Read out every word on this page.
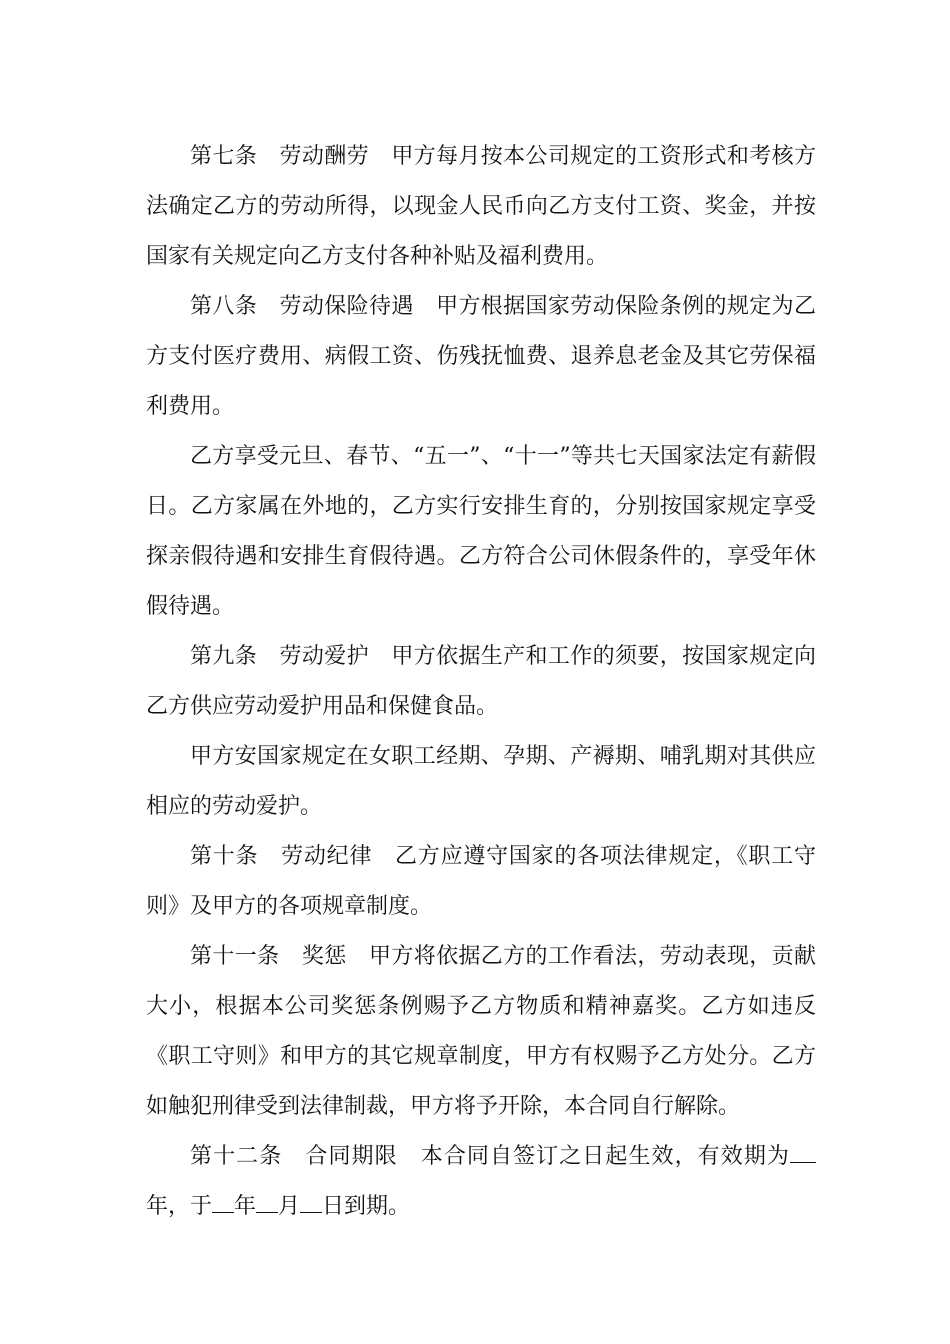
第七条 劳动酬劳 甲方每月按本公司规定的工资形式和考核方法确定乙方的劳动所得，以现金人民币向乙方支付工资、奖金，并按国家有关规定向乙方支付各种补贴及福利费用。

第八条 劳动保险待遇 甲方根据国家劳动保险条例的规定为乙方支付医疗费用、病假工资、伤残抚恤费、退养息老金及其它劳保福利费用。

乙方享受元旦、春节、“五一”、“十一”等共七天国家法定有薪假日。乙方家属在外地的，乙方实行安排生育的，分别按国家规定享受探亲假待遇和安排生育假待遇。乙方符合公司休假条件的，享受年休假待遇。

第九条 劳动爱护 甲方依据生产和工作的须要，按国家规定向乙方供应劳动爱护用品和保健食品。

甲方安国家规定在女职工经期、孕期、产褥期、哺乳期对其供应相应的劳动爱护。

第十条 劳动纪律 乙方应遵守国家的各项法律规定，《职工守则》及甲方的各项规章制度。

第十一条 奖惩 甲方将依据乙方的工作看法，劳动表现，贡献大小，根据本公司奖惩条例赐予乙方物质和精神嘉奖。乙方如违反《职工守则》和甲方的其它规章制度，甲方有权赐予乙方处分。乙方如触犯刑律受到法律制裁，甲方将予开除，本合同自行解除。

第十二条 合同期限 本合同自签订之日起生效，有效期为年，于 年 月 日到期。
